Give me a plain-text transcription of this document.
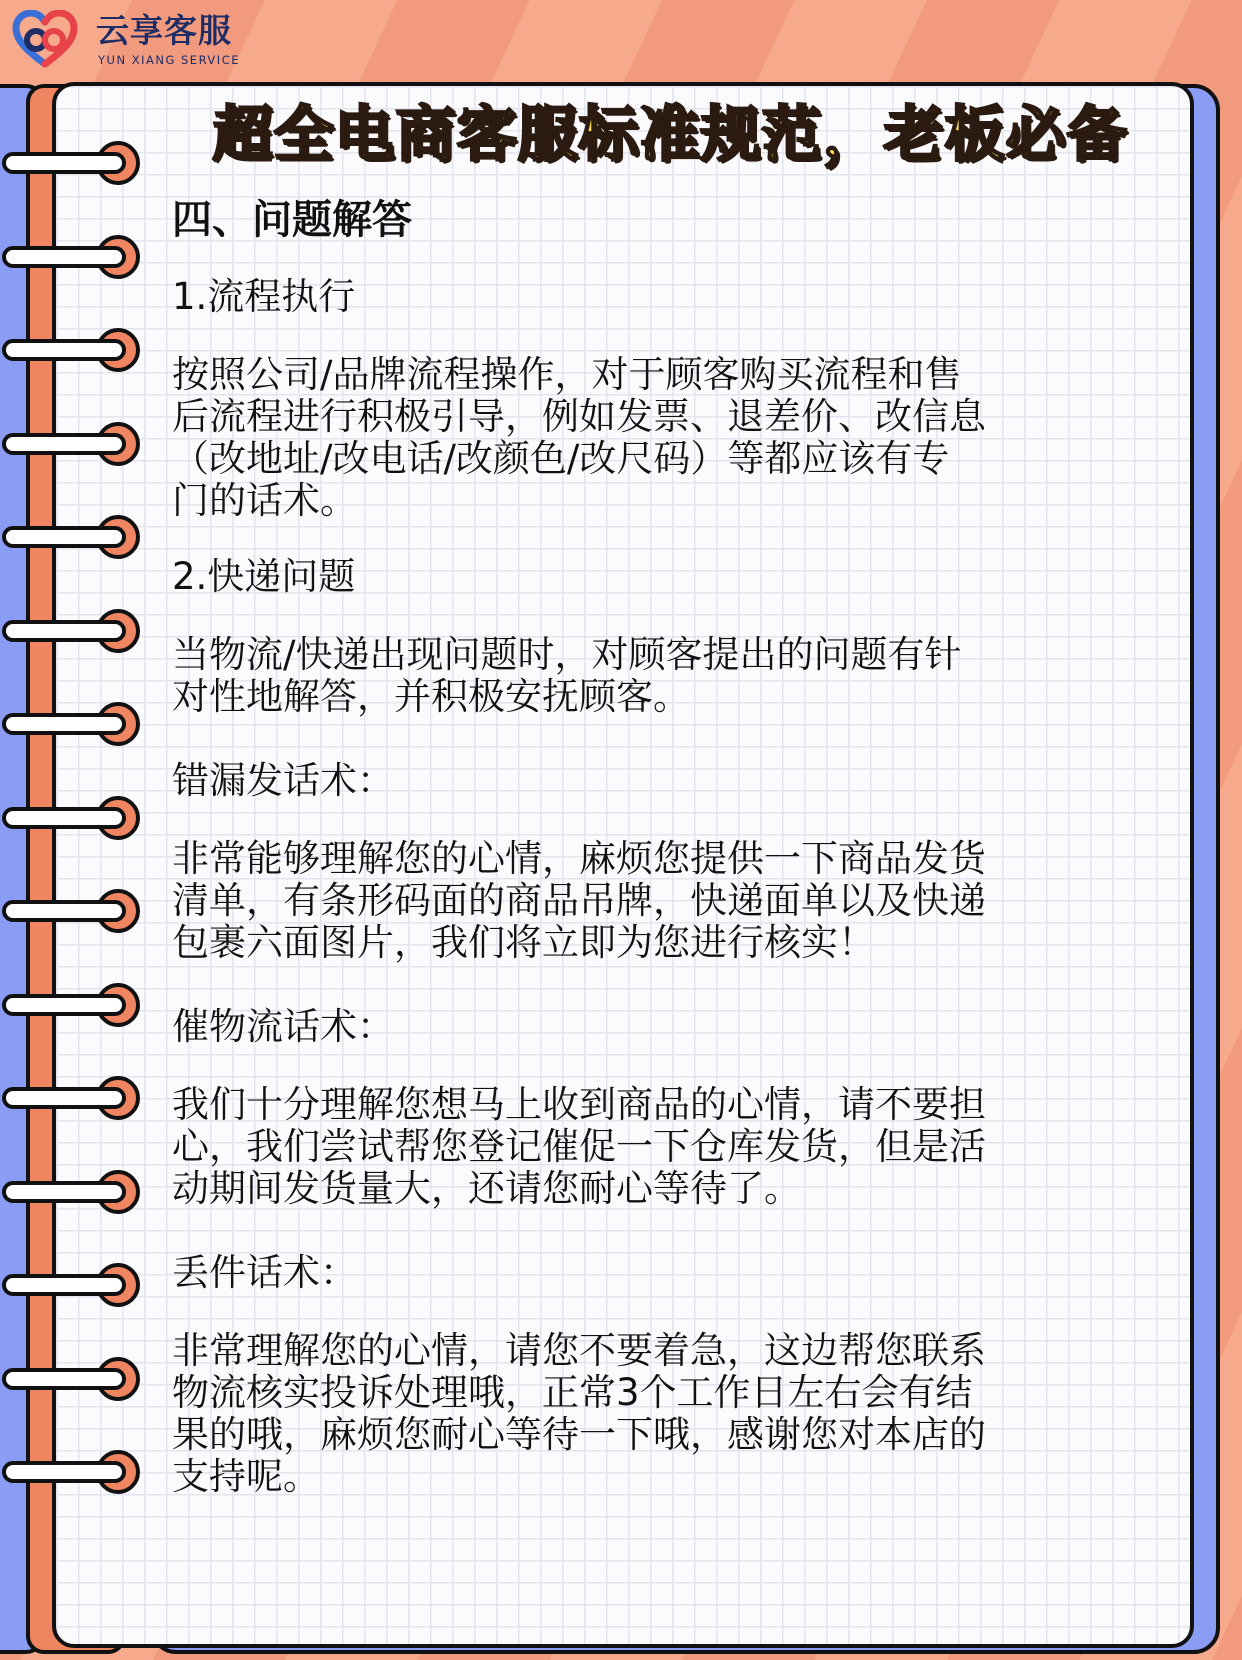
云享客服
YUN XIANG SERVICE
超全电商客服标准规范，老板必备

四、问题解答

1.流程执行

按照公司/品牌流程操作，对于顾客购买流程和售

后流程进行积极引导，例如发票、退差价、改信息

（改地址/改电话/改颜色/改尺码）等都应该有专

门的话术。

2.快递问题

当物流/快递出现问题时，对顾客提出的问题有针

对性地解答，并积极安抚顾客。

错漏发话术：

非常能够理解您的心情，麻烦您提供一下商品发货

清单，有条形码面的商品吊牌，快递面单以及快递

包裹六面图片，我们将立即为您进行核实！

催物流话术：

我们十分理解您想马上收到商品的心情，请不要担

心，我们尝试帮您登记催促一下仓库发货，但是活

动期间发货量大，还请您耐心等待了。

丢件话术：

非常理解您的心情，请您不要着急，这边帮您联系

物流核实投诉处理哦，正常3个工作日左右会有结

果的哦，麻烦您耐心等待一下哦，感谢您对本店的

支持呢。
